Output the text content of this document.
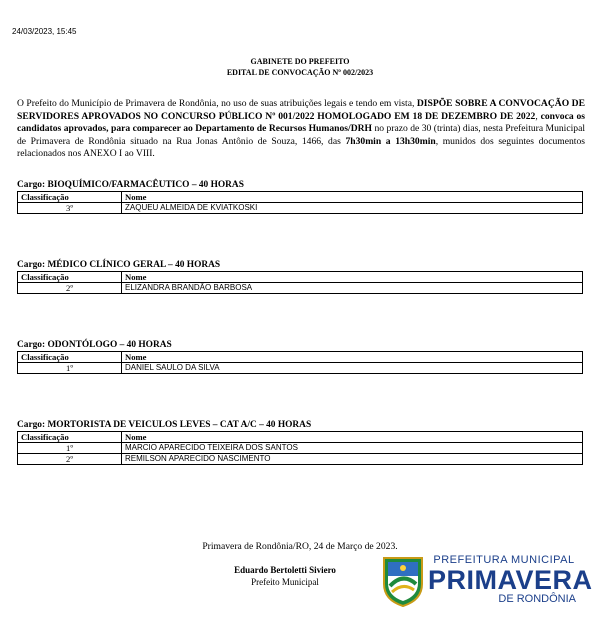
24/03/2023, 15:45
GABINETE DO PREFEITO
EDITAL DE CONVOCAÇÃO Nº 002/2023
O Prefeito do Município de Primavera de Rondônia, no uso de suas atribuições legais e tendo em vista, DISPÕE SOBRE A CONVOCAÇÃO DE SERVIDORES APROVADOS NO CONCURSO PÚBLICO Nº 001/2022 HOMOLOGADO EM 18 DE DEZEMBRO DE 2022, convoca os candidatos aprovados, para comparecer ao Departamento de Recursos Humanos/DRH no prazo de 30 (trinta) dias, nesta Prefeitura Municipal de Primavera de Rondônia situado na Rua Jonas Antônio de Souza, 1466, das 7h30min a 13h30min, munidos dos seguintes documentos relacionados nos ANEXO I ao VIII.
Cargo: BIOQUÍMICO/FARMACÊUTICO – 40 HORAS
Classificação	Nome
3º	ZAQUEU ALMEIDA DE KVIATKOSKI
Cargo: MÉDICO CLÍNICO GERAL – 40 HORAS
Classificação	Nome
2º	ELIZANDRA BRANDÃO BARBOSA
Cargo: ODONTÓLOGO – 40 HORAS
Classificação	Nome
1º	DANIEL SAULO DA SILVA
Cargo: MORTORISTA DE VEICULOS LEVES – CAT A/C – 40 HORAS
Classificação	Nome
1º	MARCIO APARECIDO TEIXEIRA DOS SANTOS
2º	REMILSON APARECIDO NASCIMENTO
Primavera de Rondônia/RO, 24 de Março de 2023.
Eduardo Bertoletti Siviero
Prefeito Municipal
PREFEITURA MUNICIPAL
PRIMAVERA
DE RONDÔNIA
